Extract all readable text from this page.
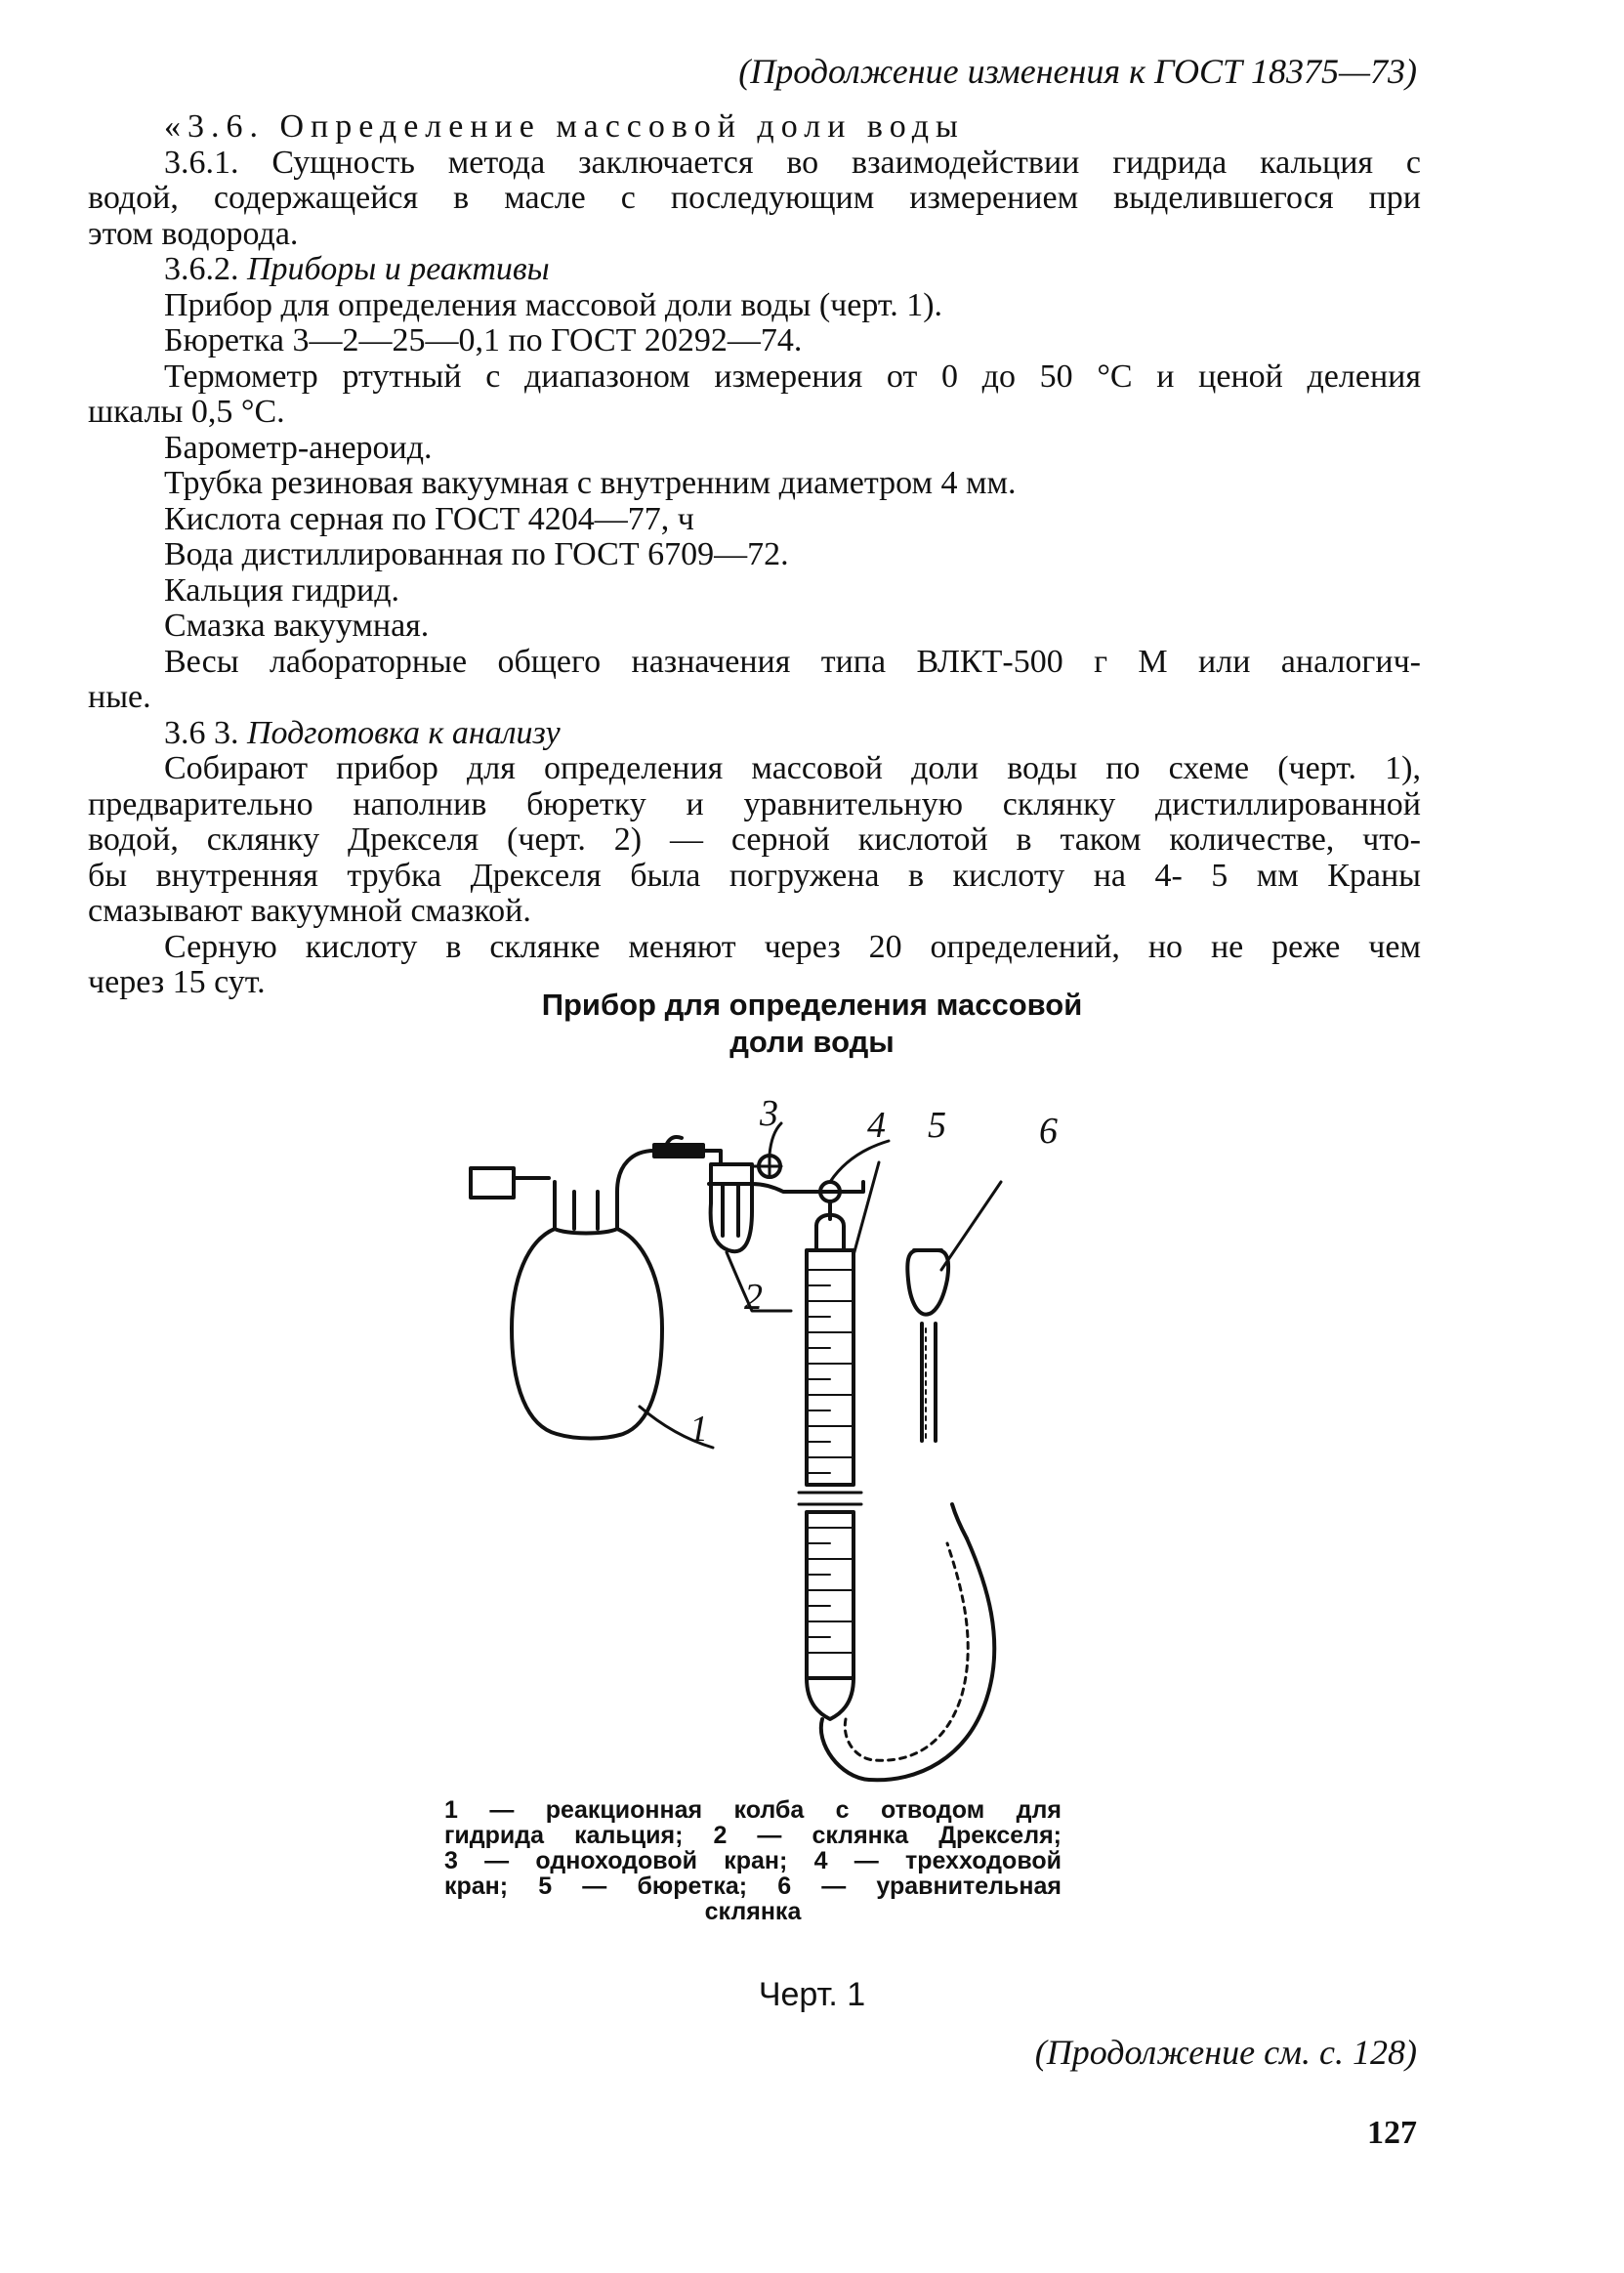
(Продолжение изменения к ГОСТ 18375—73)

«3.6. Определение массовой доли воды

3.6.1. Сущность метода заключается во взаимодействии гидрида кальция с

водой, содержащейся в масле с последующим измерением выделившегося при

этом водорода.

3.6.2. Приборы и реактивы

Прибор для определения массовой доли воды (черт. 1).

Бюретка 3—2—25—0,1 по ГОСТ 20292—74.

Термометр ртутный с диапазоном измерения от 0 до 50 °С и ценой деления

шкалы 0,5 °С.

Барометр-анероид.

Трубка резиновая вакуумная с внутренним диаметром 4 мм.

Кислота серная по ГОСТ 4204—77, ч

Вода дистиллированная по ГОСТ 6709—72.

Кальция гидрид.

Смазка вакуумная.

Весы лабораторные общего назначения типа ВЛКТ-500 г М или аналогич-

ные.

3.6 3. Подготовка к анализу

Собирают прибор для определения массовой доли воды по схеме (черт. 1),

предварительно наполнив бюретку и уравнительную склянку дистиллированной

водой, склянку Дрекселя (черт. 2) — серной кислотой в таком количестве, что-

бы внутренняя трубка Дрекселя была погружена в кислоту на 4- 5 мм Краны

смазывают вакуумной смазкой.

Серную кислоту в склянке меняют через 20 определений, но не реже чем

через 15 сут.

Прибор для определения массовой
доли воды
3 4 5	6
2
1

1 — реакционная колба с отводом для

гидрида кальция; 2 — склянка Дрекселя;

3 — одноходовой кран; 4 — трехходовой

кран; 5 — бюретка; 6 — уравнительная

склянка

Черт. 1
(Продолжение см. с. 128)
127
